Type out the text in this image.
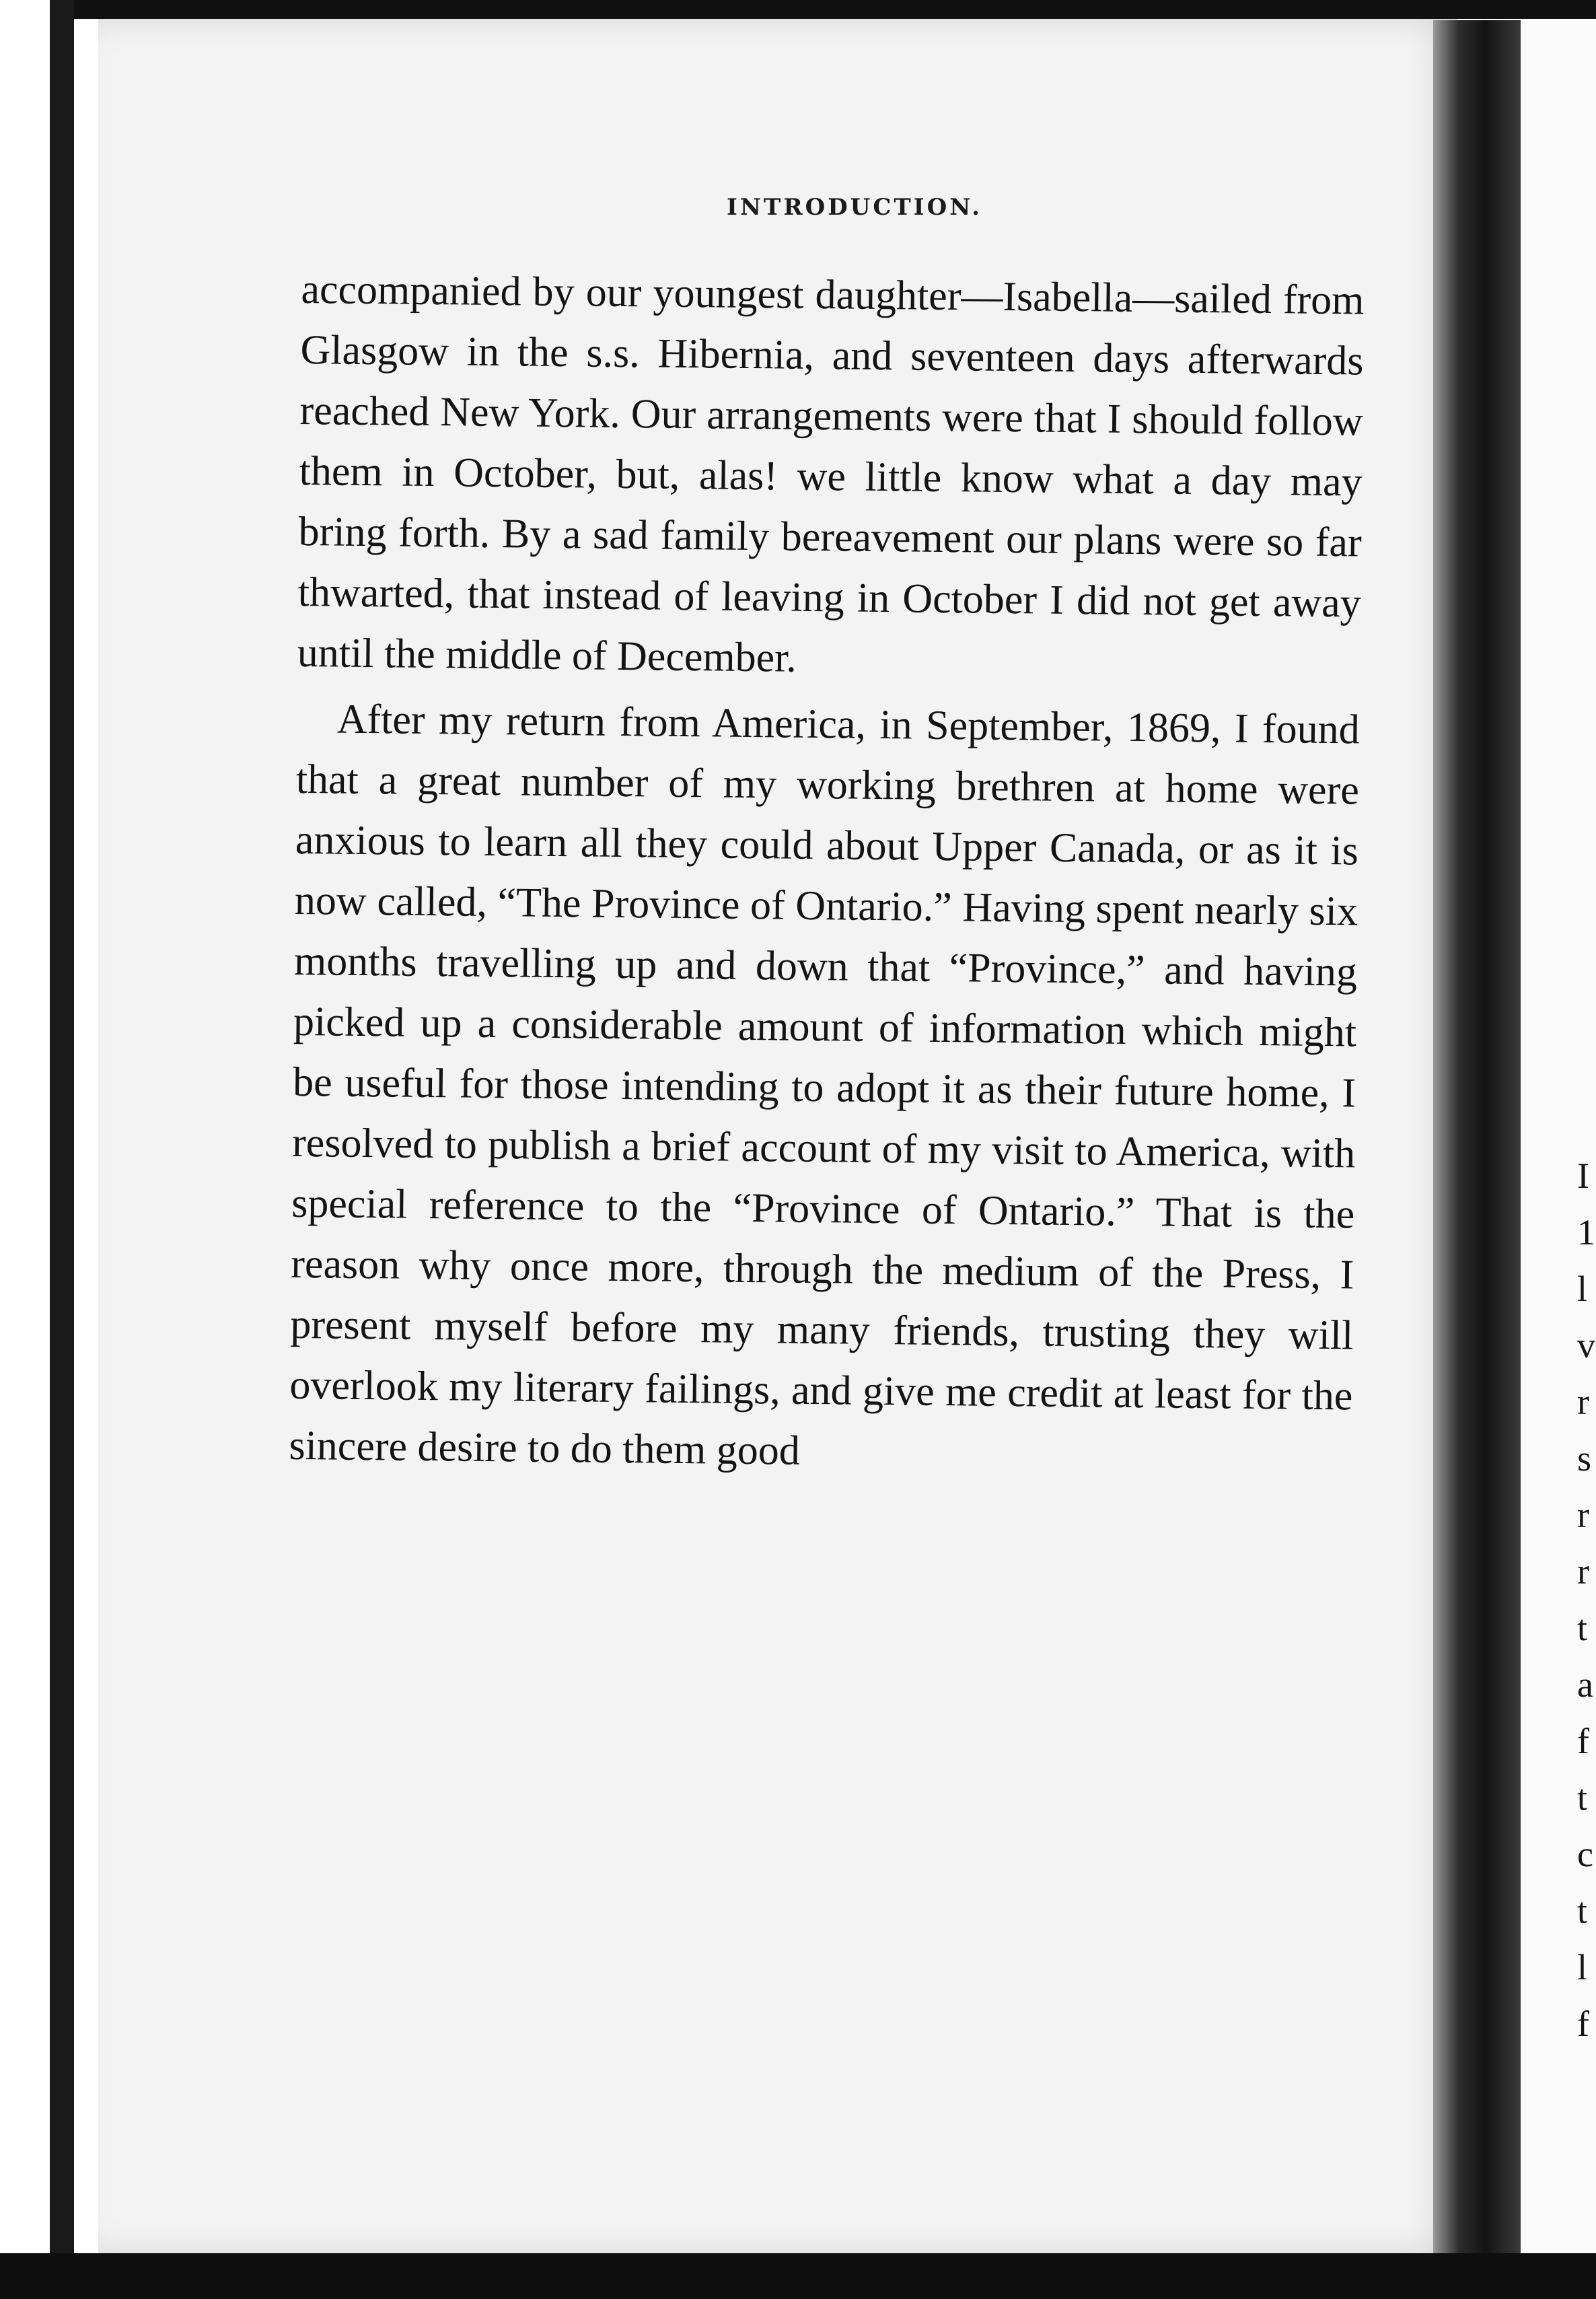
INTRODUCTION.

accompanied by our youngest daughter—Isabella—sailed from Glasgow in the s.s. Hibernia, and seventeen days afterwards reached New York. Our arrangements were that I should follow them in October, but, alas! we little know what a day may bring forth. By a sad family bereavement our plans were so far thwarted, that instead of leaving in October I did not get away until the middle of December.

After my return from America, in September, 1869, I found that a great number of my working brethren at home were anxious to learn all they could about Upper Canada, or as it is now called, “The Province of Ontario.” Having spent nearly six months travelling up and down that “Province,” and having picked up a considerable amount of information which might be useful for those intending to adopt it as their future home, I resolved to publish a brief account of my visit to America, with special reference to the “Province of Ontario.” That is the reason why once more, through the medium of the Press, I present myself before my many friends, trusting they will overlook my literary failings, and give me credit at least for the sincere desire to do them good

I
1
l
v
r
s
r
r
t
a
f
t
c
t
l
f
